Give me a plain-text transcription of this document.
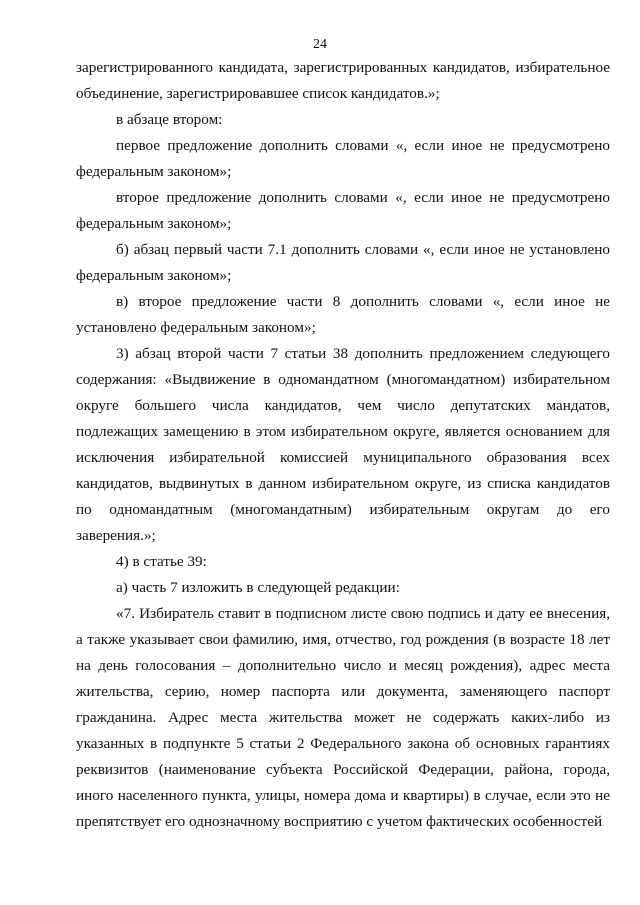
24

зарегистрированного кандидата, зарегистрированных кандидатов, избирательное объединение, зарегистрировавшее список кандидатов.»;

в абзаце втором:

первое предложение дополнить словами «, если иное не предусмотрено федеральным законом»;

второе предложение дополнить словами «, если иное не предусмотрено федеральным законом»;

б) абзац первый части 7.1 дополнить словами «, если иное не установлено федеральным законом»;

в) второе предложение части 8 дополнить словами «, если иное не установлено федеральным законом»;

3) абзац второй части 7 статьи 38 дополнить предложением следующего содержания: «Выдвижение в одномандатном (многомандатном) избирательном округе большего числа кандидатов, чем число депутатских мандатов, подлежащих замещению в этом избирательном округе, является основанием для исключения избирательной комиссией муниципального образования всех кандидатов, выдвинутых в данном избирательном округе, из списка кандидатов по одномандатным (многомандатным) избирательным округам до его заверения.»;

4) в статье 39:

а) часть 7 изложить в следующей редакции:

«7. Избиратель ставит в подписном листе свою подпись и дату ее внесения, а также указывает свои фамилию, имя, отчество, год рождения (в возрасте 18 лет на день голосования – дополнительно число и месяц рождения), адрес места жительства, серию, номер паспорта или документа, заменяющего паспорт гражданина. Адрес места жительства может не содержать каких-либо из указанных в подпункте 5 статьи 2 Федерального закона об основных гарантиях реквизитов (наименование субъекта Российской Федерации, района, города, иного населенного пункта, улицы, номера дома и квартиры) в случае, если это не препятствует его однозначному восприятию с учетом фактических особенностей
